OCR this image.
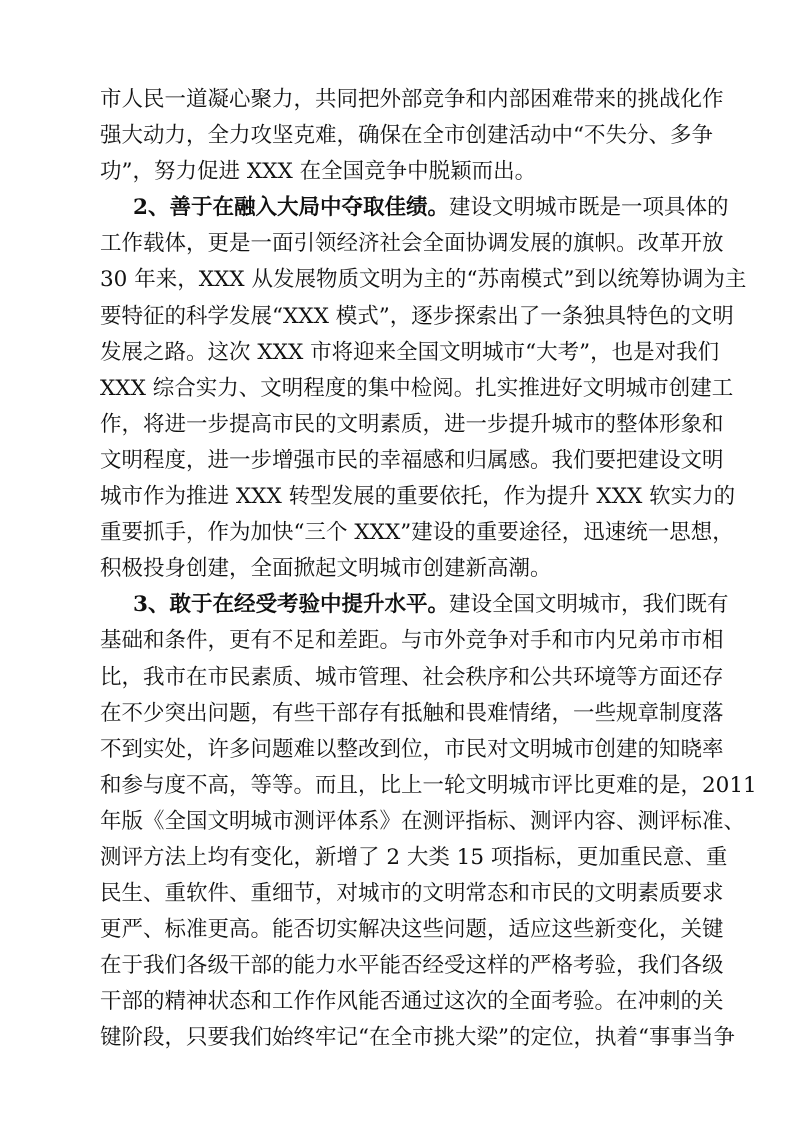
市人民一道凝心聚力，共同把外部竞争和内部困难带来的挑战化作
强大动力，全力攻坚克难，确保在全市创建活动中“不失分、多争
功”，努力促进 XXX 在全国竞争中脱颖而出。
2、善于在融入大局中夺取佳绩。建设文明城市既是一项具体的
工作载体，更是一面引领经济社会全面协调发展的旗帜。改革开放
30 年来，XXX 从发展物质文明为主的“苏南模式”到以统筹协调为主
要特征的科学发展“XXX 模式”，逐步探索出了一条独具特色的文明
发展之路。这次 XXX 市将迎来全国文明城市“大考”，也是对我们
XXX 综合实力、文明程度的集中检阅。扎实推进好文明城市创建工
作，将进一步提高市民的文明素质，进一步提升城市的整体形象和
文明程度，进一步增强市民的幸福感和归属感。我们要把建设文明
城市作为推进 XXX 转型发展的重要依托，作为提升 XXX 软实力的
重要抓手，作为加快“三个 XXX”建设的重要途径，迅速统一思想，
积极投身创建，全面掀起文明城市创建新高潮。
3、敢于在经受考验中提升水平。建设全国文明城市，我们既有
基础和条件，更有不足和差距。与市外竞争对手和市内兄弟市市相
比，我市在市民素质、城市管理、社会秩序和公共环境等方面还存
在不少突出问题，有些干部存有抵触和畏难情绪，一些规章制度落
不到实处，许多问题难以整改到位，市民对文明城市创建的知晓率
和参与度不高，等等。而且，比上一轮文明城市评比更难的是，2011
年版《全国文明城市测评体系》在测评指标、测评内容、测评标准、
测评方法上均有变化，新增了 2 大类 15 项指标，更加重民意、重
民生、重软件、重细节，对城市的文明常态和市民的文明素质要求
更严、标准更高。能否切实解决这些问题，适应这些新变化，关键
在于我们各级干部的能力水平能否经受这样的严格考验，我们各级
干部的精神状态和工作作风能否通过这次的全面考验。在冲刺的关
键阶段，只要我们始终牢记“在全市挑大梁”的定位，执着“事事当争
